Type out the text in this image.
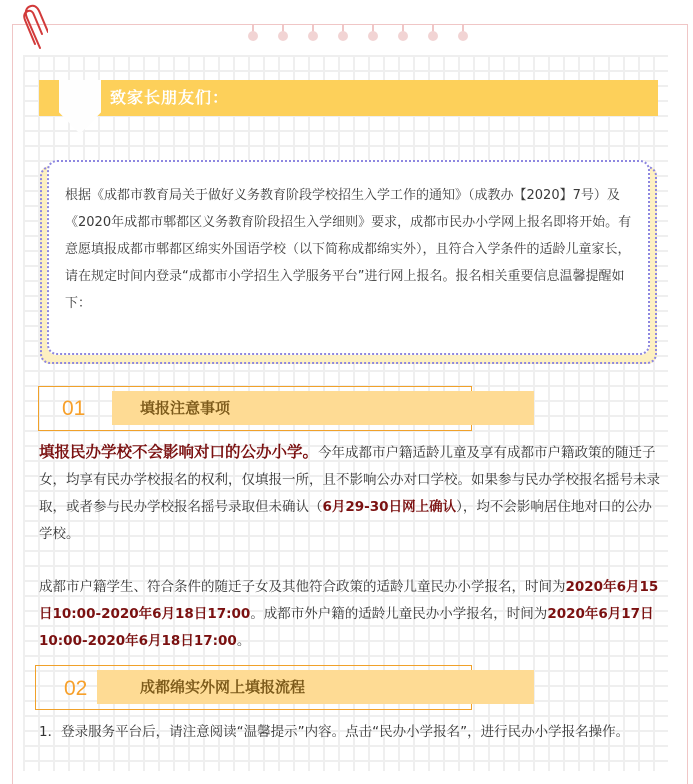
致家长朋友们：
根据《成都市教育局关于做好义务教育阶段学校招生入学工作的通知》（成教办【2020】7号）及《2020年成都市郫都区义务教育阶段招生入学细则》要求，成都市民办小学网上报名即将开始。有意愿填报成都市郫都区绵实外国语学校（以下简称成都绵实外），且符合入学条件的适龄儿童家长，请在规定时间内登录“成都市小学招生入学服务平台”进行网上报名。报名相关重要信息温馨提醒如下：
01	填报注意事项
填报民办学校不会影响对口的公办小学。今年成都市户籍适龄儿童及享有成都市户籍政策的随迁子女，均享有民办学校报名的权利，仅填报一所，且不影响公办对口学校。如果参与民办学校报名摇号未录取，或者参与民办学校报名摇号录取但未确认（6月29-30日网上确认），均不会影响居住地对口的公办学校。
成都市户籍学生、符合条件的随迁子女及其他符合政策的适龄儿童民办小学报名，时间为2020年6月15日10:00-2020年6月18日17:00。成都市外户籍的适龄儿童民办小学报名，时间为2020年6月17日10:00-2020年6月18日17:00。
02	成都绵实外网上填报流程
1．登录服务平台后，请注意阅读“温馨提示”内容。点击“民办小学报名”，进行民办小学报名操作。
